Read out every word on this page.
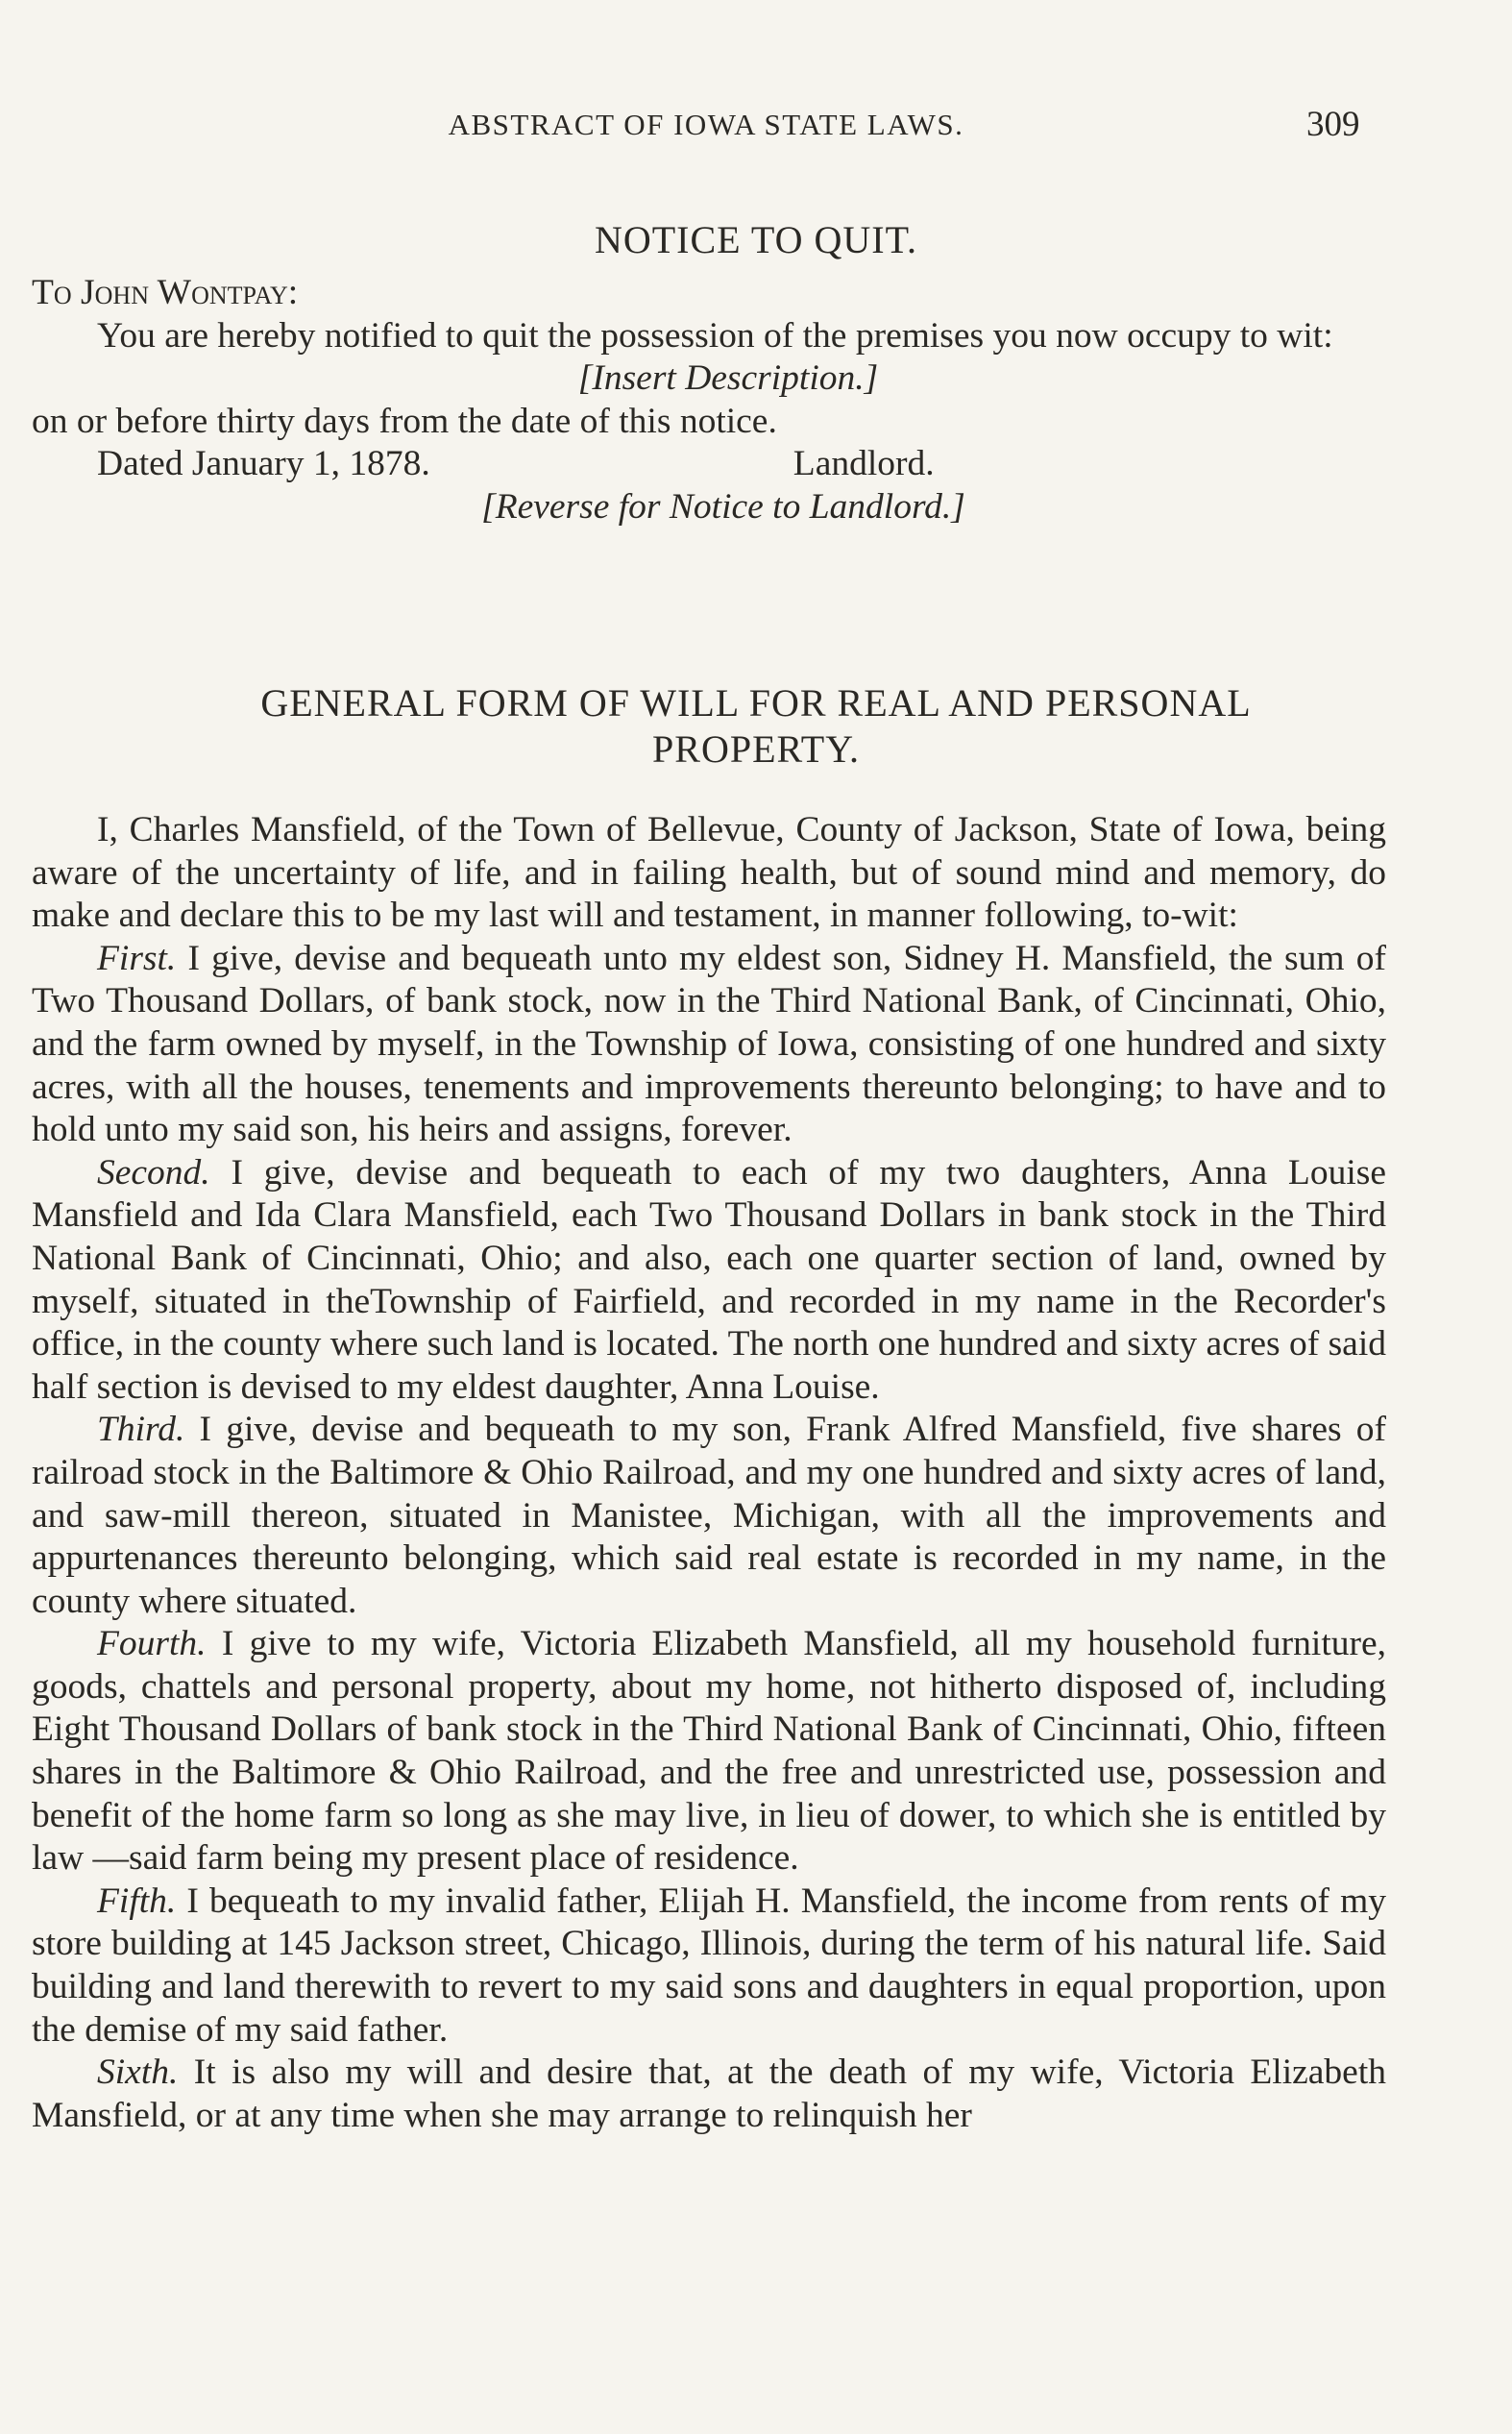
ABSTRACT OF IOWA STATE LAWS.	309
NOTICE TO QUIT.

To John Wontpay:

You are hereby notified to quit the possession of the premises you now occupy to wit:

[Insert Description.]

on or before thirty days from the date of this notice.

Dated January 1, 1878.	Landlord.

[Reverse for Notice to Landlord.]

GENERAL FORM OF WILL FOR REAL AND PERSONAL
PROPERTY.

I, Charles Mansfield, of the Town of Bellevue, County of Jackson, State of Iowa, being aware of the uncertainty of life, and in failing health, but of sound mind and memory, do make and declare this to be my last will and testament, in manner following, to-wit:

First. I give, devise and bequeath unto my eldest son, Sidney H. Mansfield, the sum of Two Thousand Dollars, of bank stock, now in the Third National Bank, of Cincinnati, Ohio, and the farm owned by myself, in the Township of Iowa, consisting of one hundred and sixty acres, with all the houses, tenements and improvements thereunto belonging; to have and to hold unto my said son, his heirs and assigns, forever.

Second. I give, devise and bequeath to each of my two daughters, Anna Louise Mansfield and Ida Clara Mansfield, each Two Thousand Dollars in bank stock in the Third National Bank of Cincinnati, Ohio; and also, each one quarter section of land, owned by myself, situated in theTownship of Fairfield, and recorded in my name in the Recorder's office, in the county where such land is located. The north one hundred and sixty acres of said half section is devised to my eldest daughter, Anna Louise.

Third. I give, devise and bequeath to my son, Frank Alfred Mansfield, five shares of railroad stock in the Baltimore & Ohio Railroad, and my one hundred and sixty acres of land, and saw-mill thereon, situated in Manistee, Michigan, with all the improvements and appurtenances thereunto belonging, which said real estate is recorded in my name, in the county where situated.

Fourth. I give to my wife, Victoria Elizabeth Mansfield, all my household furniture, goods, chattels and personal property, about my home, not hitherto disposed of, including Eight Thousand Dollars of bank stock in the Third National Bank of Cincinnati, Ohio, fifteen shares in the Baltimore & Ohio Railroad, and the free and unrestricted use, possession and benefit of the home farm so long as she may live, in lieu of dower, to which she is entitled by law —said farm being my present place of residence.

Fifth. I bequeath to my invalid father, Elijah H. Mansfield, the income from rents of my store building at 145 Jackson street, Chicago, Illinois, during the term of his natural life. Said building and land therewith to revert to my said sons and daughters in equal proportion, upon the demise of my said father.

Sixth. It is also my will and desire that, at the death of my wife, Victoria Elizabeth Mansfield, or at any time when she may arrange to relinquish her
